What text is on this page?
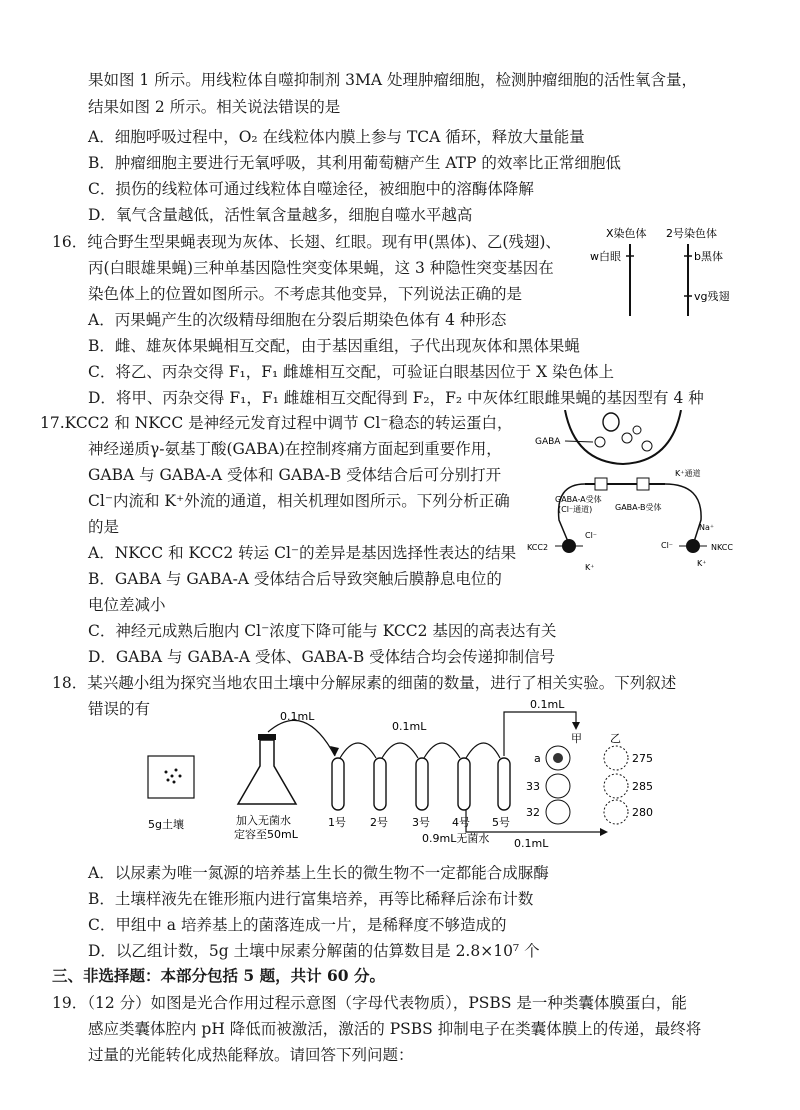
果如图 1 所示。用线粒体自噬抑制剂 3MA 处理肿瘤细胞，检测肿瘤细胞的活性氧含量，
结果如图 2 所示。相关说法错误的是
A．细胞呼吸过程中，O₂ 在线粒体内膜上参与 TCA 循环，释放大量能量
B．肿瘤细胞主要进行无氧呼吸，其利用葡萄糖产生 ATP 的效率比正常细胞低
C．损伤的线粒体可通过线粒体自噬途径，被细胞中的溶酶体降解
D．氧气含量越低，活性氧含量越多，细胞自噬水平越高
16．纯合野生型果蝇表现为灰体、长翅、红眼。现有甲(黑体)、乙(残翅)、
丙(白眼雄果蝇)三种单基因隐性突变体果蝇，这 3 种隐性突变基因在
染色体上的位置如图所示。不考虑其他变异，下列说法正确的是
A．丙果蝇产生的次级精母细胞在分裂后期染色体有 4 种形态
B．雌、雄灰体果蝇相互交配，由于基因重组，子代出现灰体和黑体果蝇
C．将乙、丙杂交得 F₁，F₁ 雌雄相互交配，可验证白眼基因位于 X 染色体上
D．将甲、丙杂交得 F₁，F₁ 雌雄相互交配得到 F₂，F₂ 中灰体红眼雌果蝇的基因型有 4 种
X染色体 2号染色体
w白眼	b黑体
vg残翅
17.KCC2 和 NKCC 是神经元发育过程中调节 Cl⁻稳态的转运蛋白，
神经递质γ-氨基丁酸(GABA)在控制疼痛方面起到重要作用，
GABA 与 GABA-A 受体和 GABA-B 受体结合后可分别打开
Cl⁻内流和 K⁺外流的通道，相关机理如图所示。下列分析正确
的是
A．NKCC 和 KCC2 转运 Cl⁻的差异是基因选择性表达的结果
B．GABA 与 GABA-A 受体结合后导致突触后膜静息电位的
电位差减小
C．神经元成熟后胞内 Cl⁻浓度下降可能与 KCC2 基因的高表达有关
D．GABA 与 GABA-A 受体、GABA-B 受体结合均会传递抑制信号
GABA
K⁺通道
GABA-A受体
(Cl⁻通道)	GABA-B受体
KCC2
Cl⁻
K⁺
NKCC
Cl⁻
Na⁺
K⁺
18．某兴趣小组为探究当地农田土壤中分解尿素的细菌的数量，进行了相关实验。下列叙述
错误的有
5g土壤	加入无菌水
定容至50mL
0.1mL
0.1mL
1号 2号 3号 4号 5号
0.9mL无菌水
0.1mL
0.1mL
甲	乙
a
33
32
275
285
280
A．以尿素为唯一氮源的培养基上生长的微生物不一定都能合成脲酶
B．土壤样液先在锥形瓶内进行富集培养，再等比稀释后涂布计数
C．甲组中 a 培养基上的菌落连成一片，是稀释度不够造成的
D．以乙组计数，5g 土壤中尿素分解菌的估算数目是 2.8×10⁷ 个
三、非选择题：本部分包括 5 题，共计 60 分。
19．（12 分）如图是光合作用过程示意图（字母代表物质），PSBS 是一种类囊体膜蛋白，能
感应类囊体腔内 pH 降低而被激活，激活的 PSBS 抑制电子在类囊体膜上的传递，最终将
过量的光能转化成热能释放。请回答下列问题：
